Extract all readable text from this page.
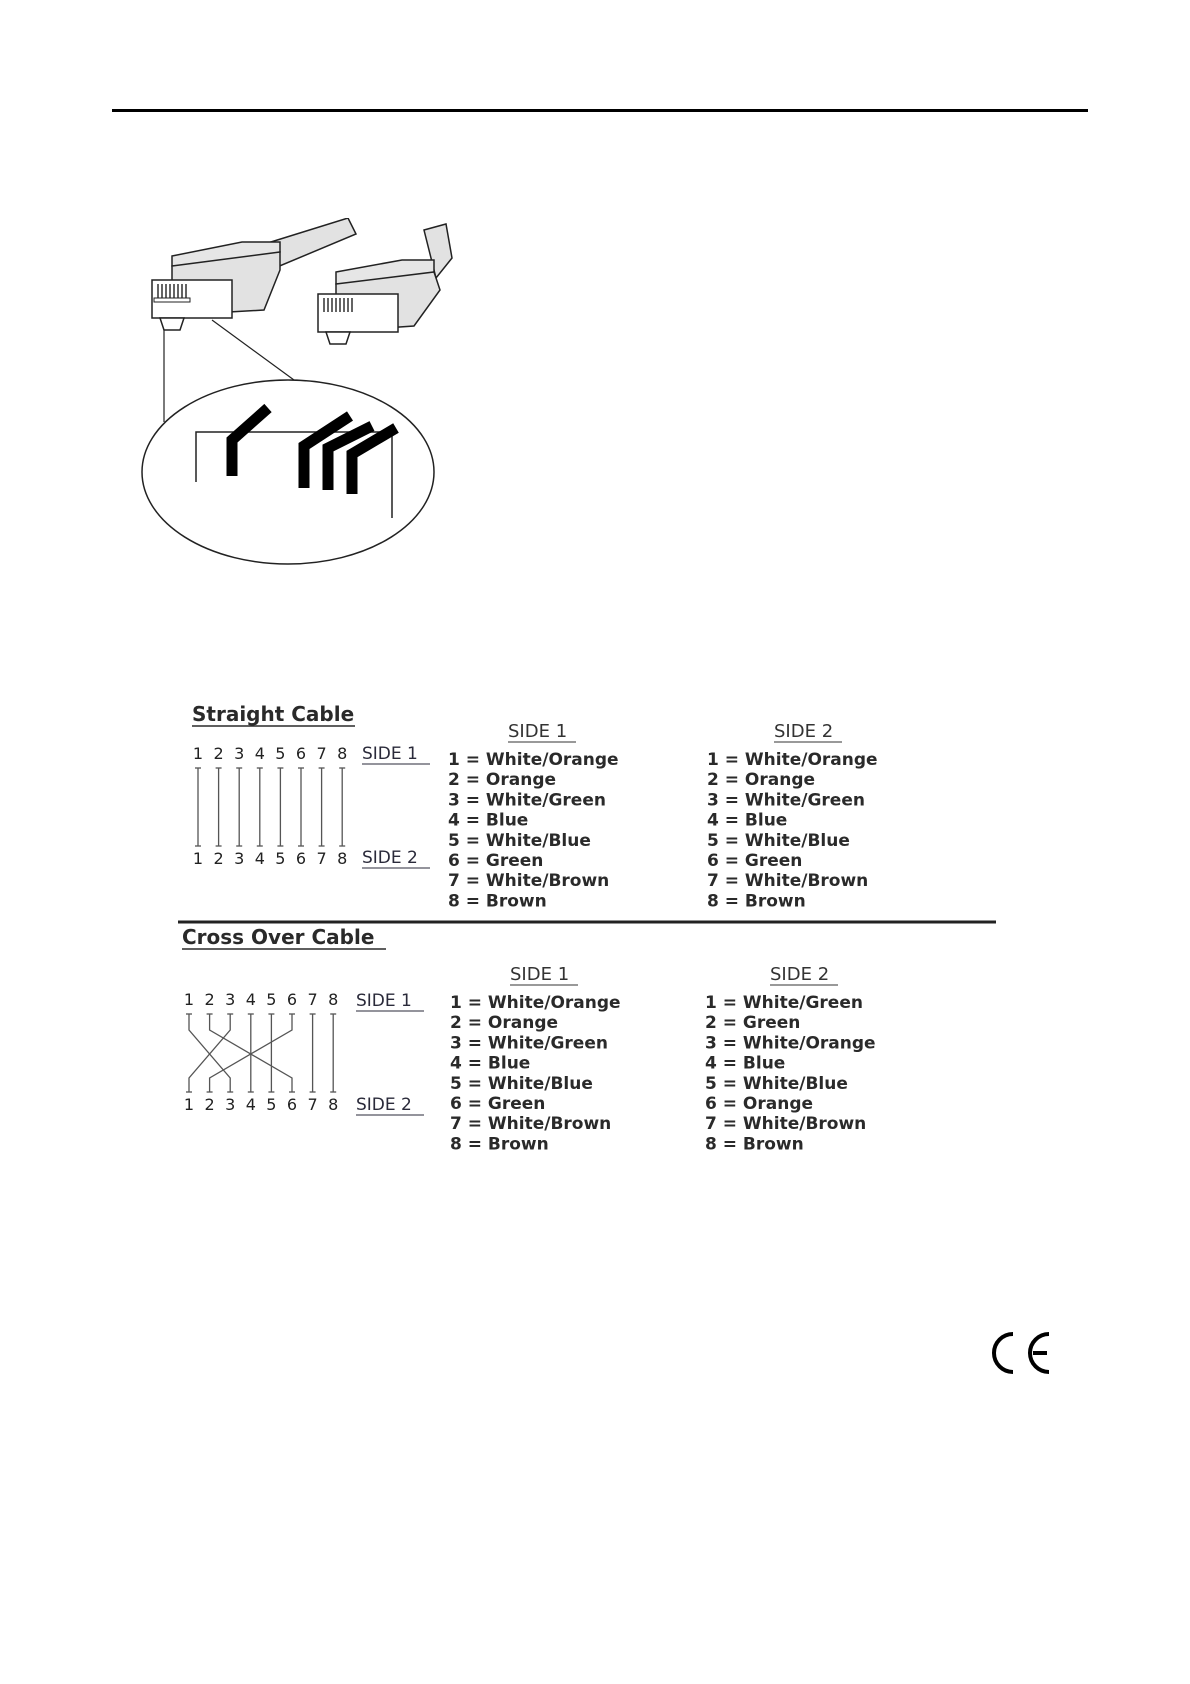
Straight Cable
1 2 3 4 5 6 7 8
1 2 3 4 5 6 7 8
SIDE 1
SIDE 2
SIDE 1	SIDE 2
1 = White/Orange
2 = Orange
3 = White/Green
4 = Blue
5 = White/Blue
6 = Green
7 = White/Brown
8 = Brown
1 = White/Orange
2 = Orange
3 = White/Green
4 = Blue
5 = White/Blue
6 = Green
7 = White/Brown
8 = Brown
Cross Over Cable
1 2 3 4 5 6 7 8
1 2 3 4 5 6 7 8
SIDE 1
SIDE 2
SIDE 1	SIDE 2
1 = White/Orange
2 = Orange
3 = White/Green
4 = Blue
5 = White/Blue
6 = Green
7 = White/Brown
8 = Brown
1 = White/Green
2 = Green
3 = White/Orange
4 = Blue
5 = White/Blue
6 = Orange
7 = White/Brown
8 = Brown
